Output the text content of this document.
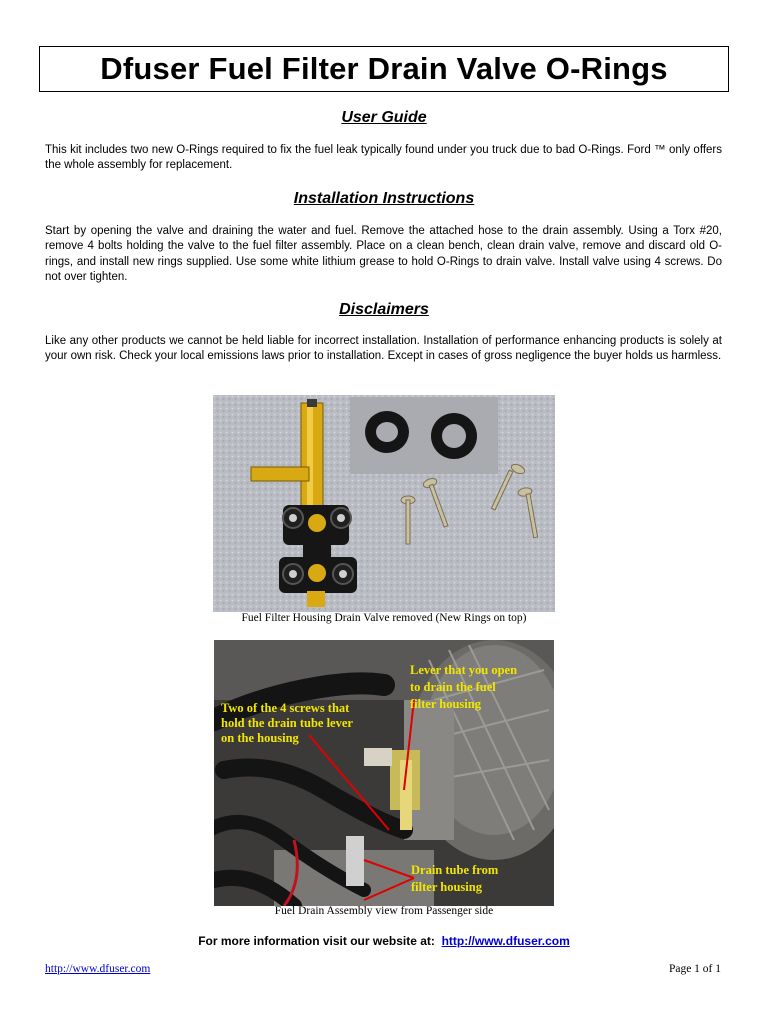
Dfuser Fuel Filter Drain Valve O-Rings
User Guide

This kit includes two new O-Rings required to fix the fuel leak typically found under you truck due to bad O-Rings. Ford ™ only offers the whole assembly for replacement.

Installation Instructions

Start by opening the valve and draining the water and fuel. Remove the attached hose to the drain assembly. Using a Torx #20, remove 4 bolts holding the valve to the fuel filter assembly. Place on a clean bench, clean drain valve, remove and discard old O-rings, and install new rings supplied. Use some white lithium grease to hold O-Rings to drain valve. Install valve using 4 screws. Do not over tighten.

Disclaimers

Like any other products we cannot be held liable for incorrect installation. Installation of performance enhancing products is solely at your own risk. Check your local emissions laws prior to installation. Except in cases of gross negligence the buyer holds us harmless.

Fuel Filter Housing Drain Valve removed (New Rings on top)

Two of the 4 screws that hold the drain tube lever on the housing
Lever that you open to drain the fuel filter housing
Drain tube from filter housing

Fuel Drain Assembly view from Passenger side

For more information visit our website at: http://www.dfuser.com

http://www.dfuser.com	Page 1 of 1
